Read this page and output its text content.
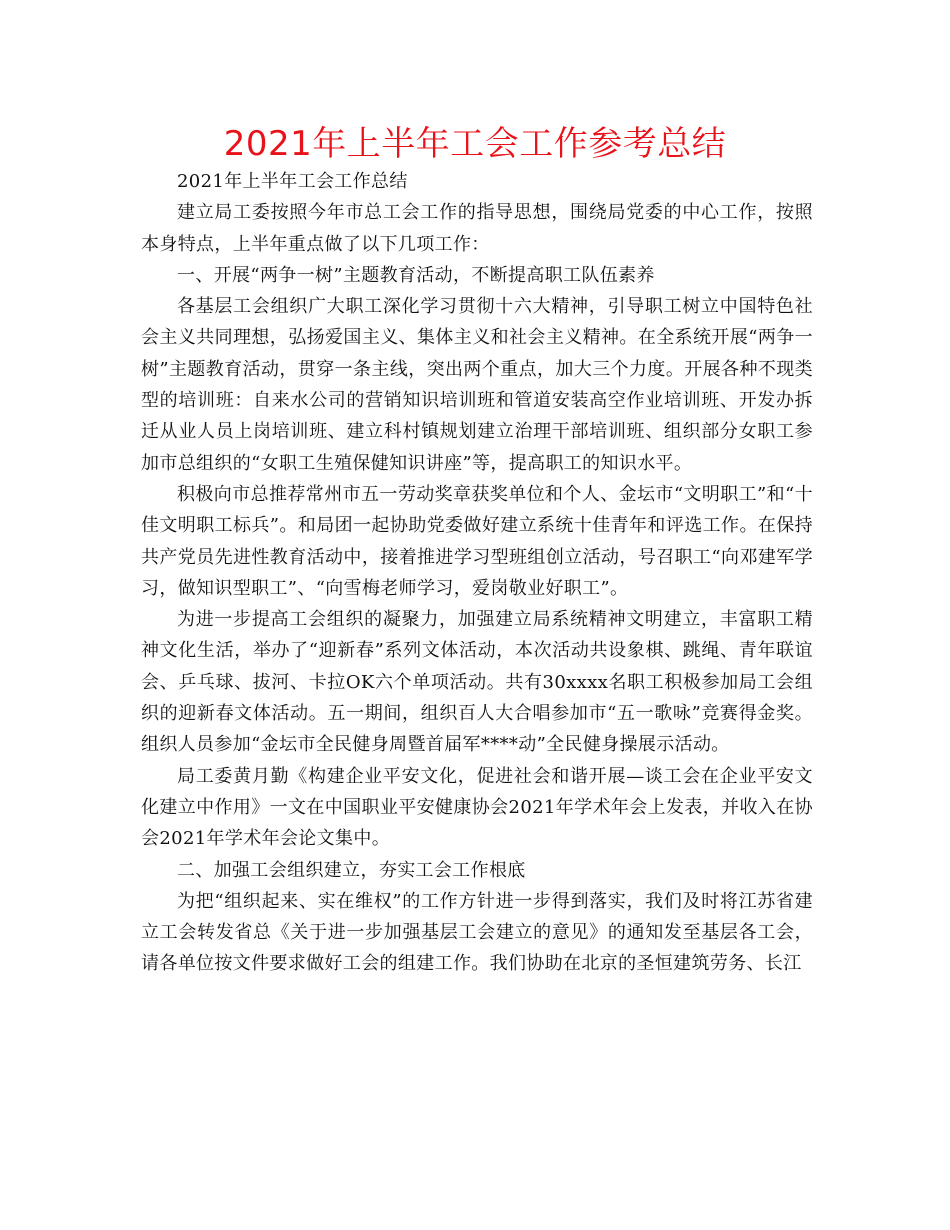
2021年上半年工会工作参考总结

2021年上半年工会工作总结

建立局工委按照今年市总工会工作的指导思想，围绕局党委的中心工作，按照本身特点，上半年重点做了以下几项工作：

一、开展“两争一树”主题教育活动，不断提高职工队伍素养

各基层工会组织广大职工深化学习贯彻十六大精神，引导职工树立中国特色社会主义共同理想，弘扬爱国主义、集体主义和社会主义精神。在全系统开展“两争一树”主题教育活动，贯穿一条主线，突出两个重点，加大三个力度。开展各种不现类型的培训班：自来水公司的营销知识培训班和管道安装高空作业培训班、开发办拆迁从业人员上岗培训班、建立科村镇规划建立治理干部培训班、组织部分女职工参加市总组织的“女职工生殖保健知识讲座”等，提高职工的知识水平。

积极向市总推荐常州市五一劳动奖章获奖单位和个人、金坛市“文明职工”和“十佳文明职工标兵”。和局团一起协助党委做好建立系统十佳青年和评选工作。在保持共产党员先进性教育活动中，接着推进学习型班组创立活动，号召职工“向邓建军学习，做知识型职工”、“向雪梅老师学习，爱岗敬业好职工”。

为进一步提高工会组织的凝聚力，加强建立局系统精神文明建立，丰富职工精神文化生活，举办了“迎新春”系列文体活动，本次活动共设象棋、跳绳、青年联谊会、乒乓球、拔河、卡拉OK六个单项活动。共有30xxxx名职工积极参加局工会组织的迎新春文体活动。五一期间，组织百人大合唱参加市“五一歌咏”竞赛得金奖。组织人员参加“金坛市全民健身周暨首届军****动”全民健身操展示活动。

局工委黄月勤《构建企业平安文化，促进社会和谐开展—谈工会在企业平安文化建立中作用》一文在中国职业平安健康协会2021年学术年会上发表，并收入在协会2021年学术年会论文集中。

二、加强工会组织建立，夯实工会工作根底

为把“组织起来、实在维权”的工作方针进一步得到落实，我们及时将江苏省建立工会转发省总《关于进一步加强基层工会建立的意见》的通知发至基层各工会，请各单位按文件要求做好工会的组建工作。我们协助在北京的圣恒建筑劳务、长江
